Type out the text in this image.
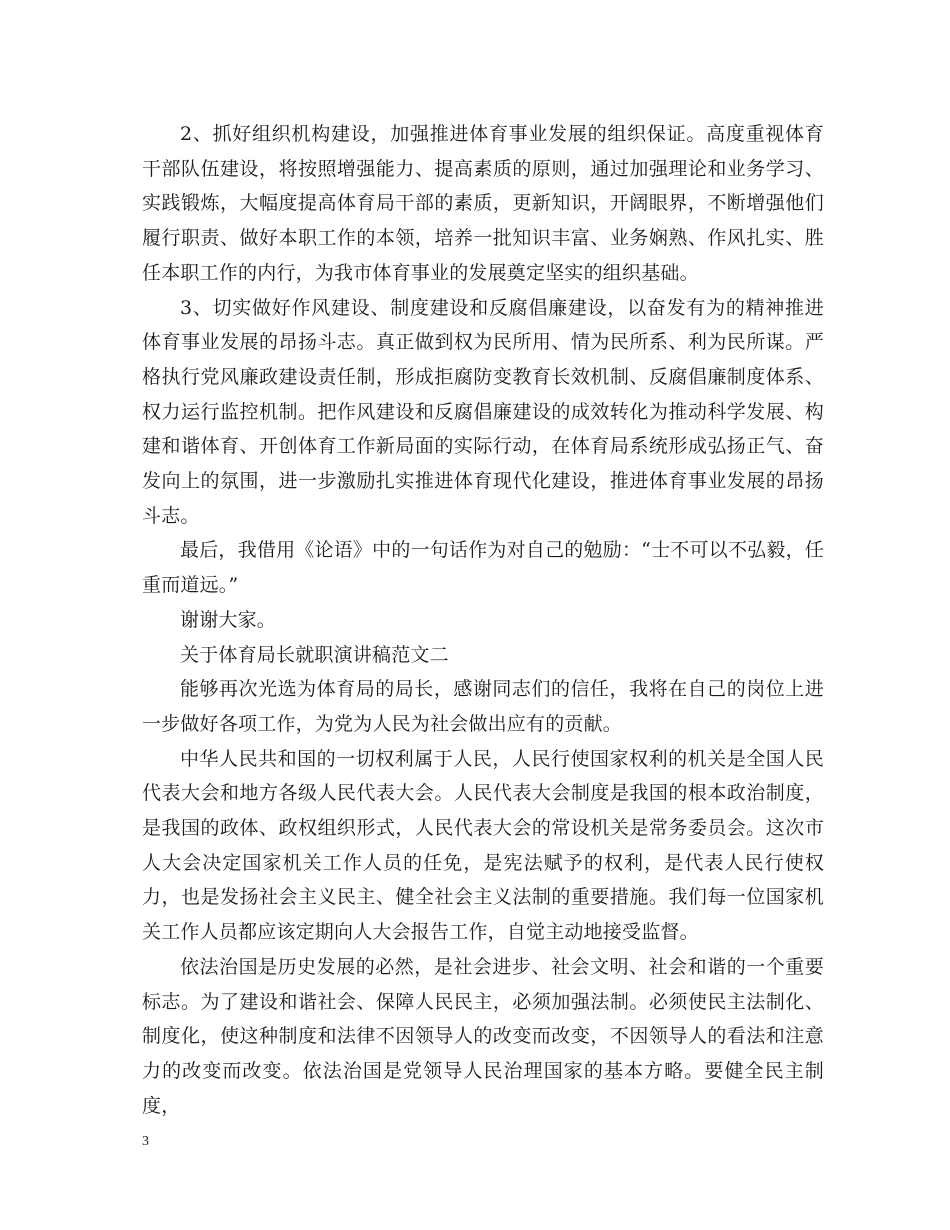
2、抓好组织机构建设，加强推进体育事业发展的组织保证。高度重视体育干部队伍建设，将按照增强能力、提高素质的原则，通过加强理论和业务学习、实践锻炼，大幅度提高体育局干部的素质，更新知识，开阔眼界，不断增强他们履行职责、做好本职工作的本领，培养一批知识丰富、业务娴熟、作风扎实、胜任本职工作的内行，为我市体育事业的发展奠定坚实的组织基础。

3、切实做好作风建设、制度建设和反腐倡廉建设，以奋发有为的精神推进体育事业发展的昂扬斗志。真正做到权为民所用、情为民所系、利为民所谋。严格执行党风廉政建设责任制，形成拒腐防变教育长效机制、反腐倡廉制度体系、权力运行监控机制。把作风建设和反腐倡廉建设的成效转化为推动科学发展、构建和谐体育、开创体育工作新局面的实际行动，在体育局系统形成弘扬正气、奋发向上的氛围，进一步激励扎实推进体育现代化建设，推进体育事业发展的昂扬斗志。

最后，我借用《论语》中的一句话作为对自己的勉励：“士不可以不弘毅，任重而道远。”

谢谢大家。

关于体育局长就职演讲稿范文二

能够再次光选为体育局的局长，感谢同志们的信任，我将在自己的岗位上进一步做好各项工作，为党为人民为社会做出应有的贡献。

中华人民共和国的一切权利属于人民，人民行使国家权利的机关是全国人民代表大会和地方各级人民代表大会。人民代表大会制度是我国的根本政治制度，是我国的政体、政权组织形式，人民代表大会的常设机关是常务委员会。这次市人大会决定国家机关工作人员的任免，是宪法赋予的权利，是代表人民行使权力，也是发扬社会主义民主、健全社会主义法制的重要措施。我们每一位国家机关工作人员都应该定期向人大会报告工作，自觉主动地接受监督。

依法治国是历史发展的必然，是社会进步、社会文明、社会和谐的一个重要标志。为了建设和谐社会、保障人民民主，必须加强法制。必须使民主法制化、制度化，使这种制度和法律不因领导人的改变而改变，不因领导人的看法和注意力的改变而改变。依法治国是党领导人民治理国家的基本方略。要健全民主制度，

3
